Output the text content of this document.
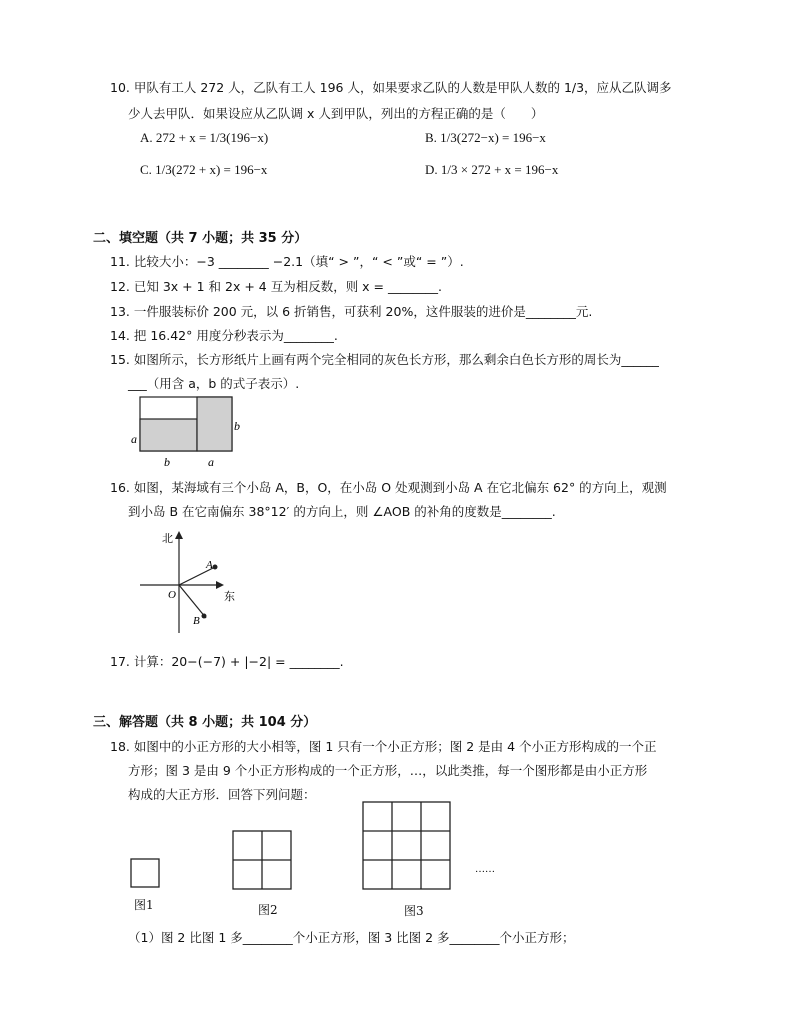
10. 甲队有工人 272 人，乙队有工人 196 人，如果要求乙队的人数是甲队人数的 1/3，应从乙队调多
少人去甲队．如果设应从乙队调 x 人到甲队，列出的方程正确的是（　　）
A. 272 + x = 1/3(196−x)	B. 1/3(272−x) = 196−x
C. 1/3(272 + x) = 196−x	D. 1/3 × 272 + x = 196−x
二、填空题（共 7 小题；共 35 分）
11. 比较大小：−3 ________ −2.1（填“ > ”，“ < ”或“ = ”）.
12. 已知 3x + 1 和 2x + 4 互为相反数，则 x = ________.
13. 一件服装标价 200 元，以 6 折销售，可获利 20%，这件服装的进价是________元.
14. 把 16.42° 用度分秒表示为________.
15. 如图所示，长方形纸片上画有两个完全相同的灰色长方形，那么剩余白色长方形的周长为______
___（用含 a，b 的式子表示）.
a
b
b	a
16. 如图，某海域有三个小岛 A，B，O，在小岛 O 处观测到小岛 A 在它北偏东 62° 的方向上，观测
到小岛 B 在它南偏东 38°12′ 的方向上，则 ∠AOB 的补角的度数是________.
北
东
O
A
B
17. 计算：20−(−7) + |−2| = ________.
三、解答题（共 8 小题；共 104 分）
18. 如图中的小正方形的大小相等，图 1 只有一个小正方形；图 2 是由 4 个小正方形构成的一个正
方形；图 3 是由 9 个小正方形构成的一个正方形，…，以此类推，每一个图形都是由小正方形
构成的大正方形．回答下列问题：
……
图1	图2	图3
（1）图 2 比图 1 多________个小正方形，图 3 比图 2 多________个小正方形；
